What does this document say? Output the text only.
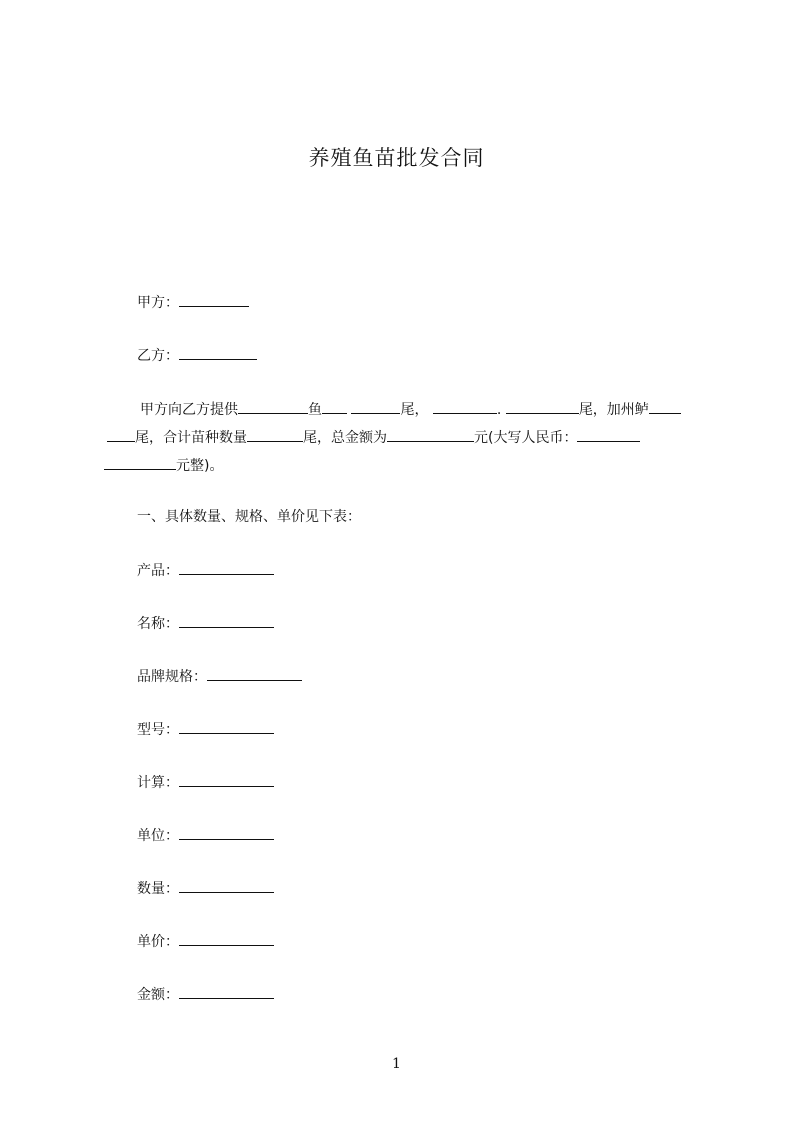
养殖鱼苗批发合同
甲方：
乙方：
甲方向乙方提供	鱼	尾，	.	尾，加州鲈
尾，合计苗种数量	尾，总金额为	元(大写人民币：
元整)。
一、具体数量、规格、单价见下表：
产品：
名称：
品牌规格：
型号：
计算：
单位：
数量：
单价：
金额：
1
